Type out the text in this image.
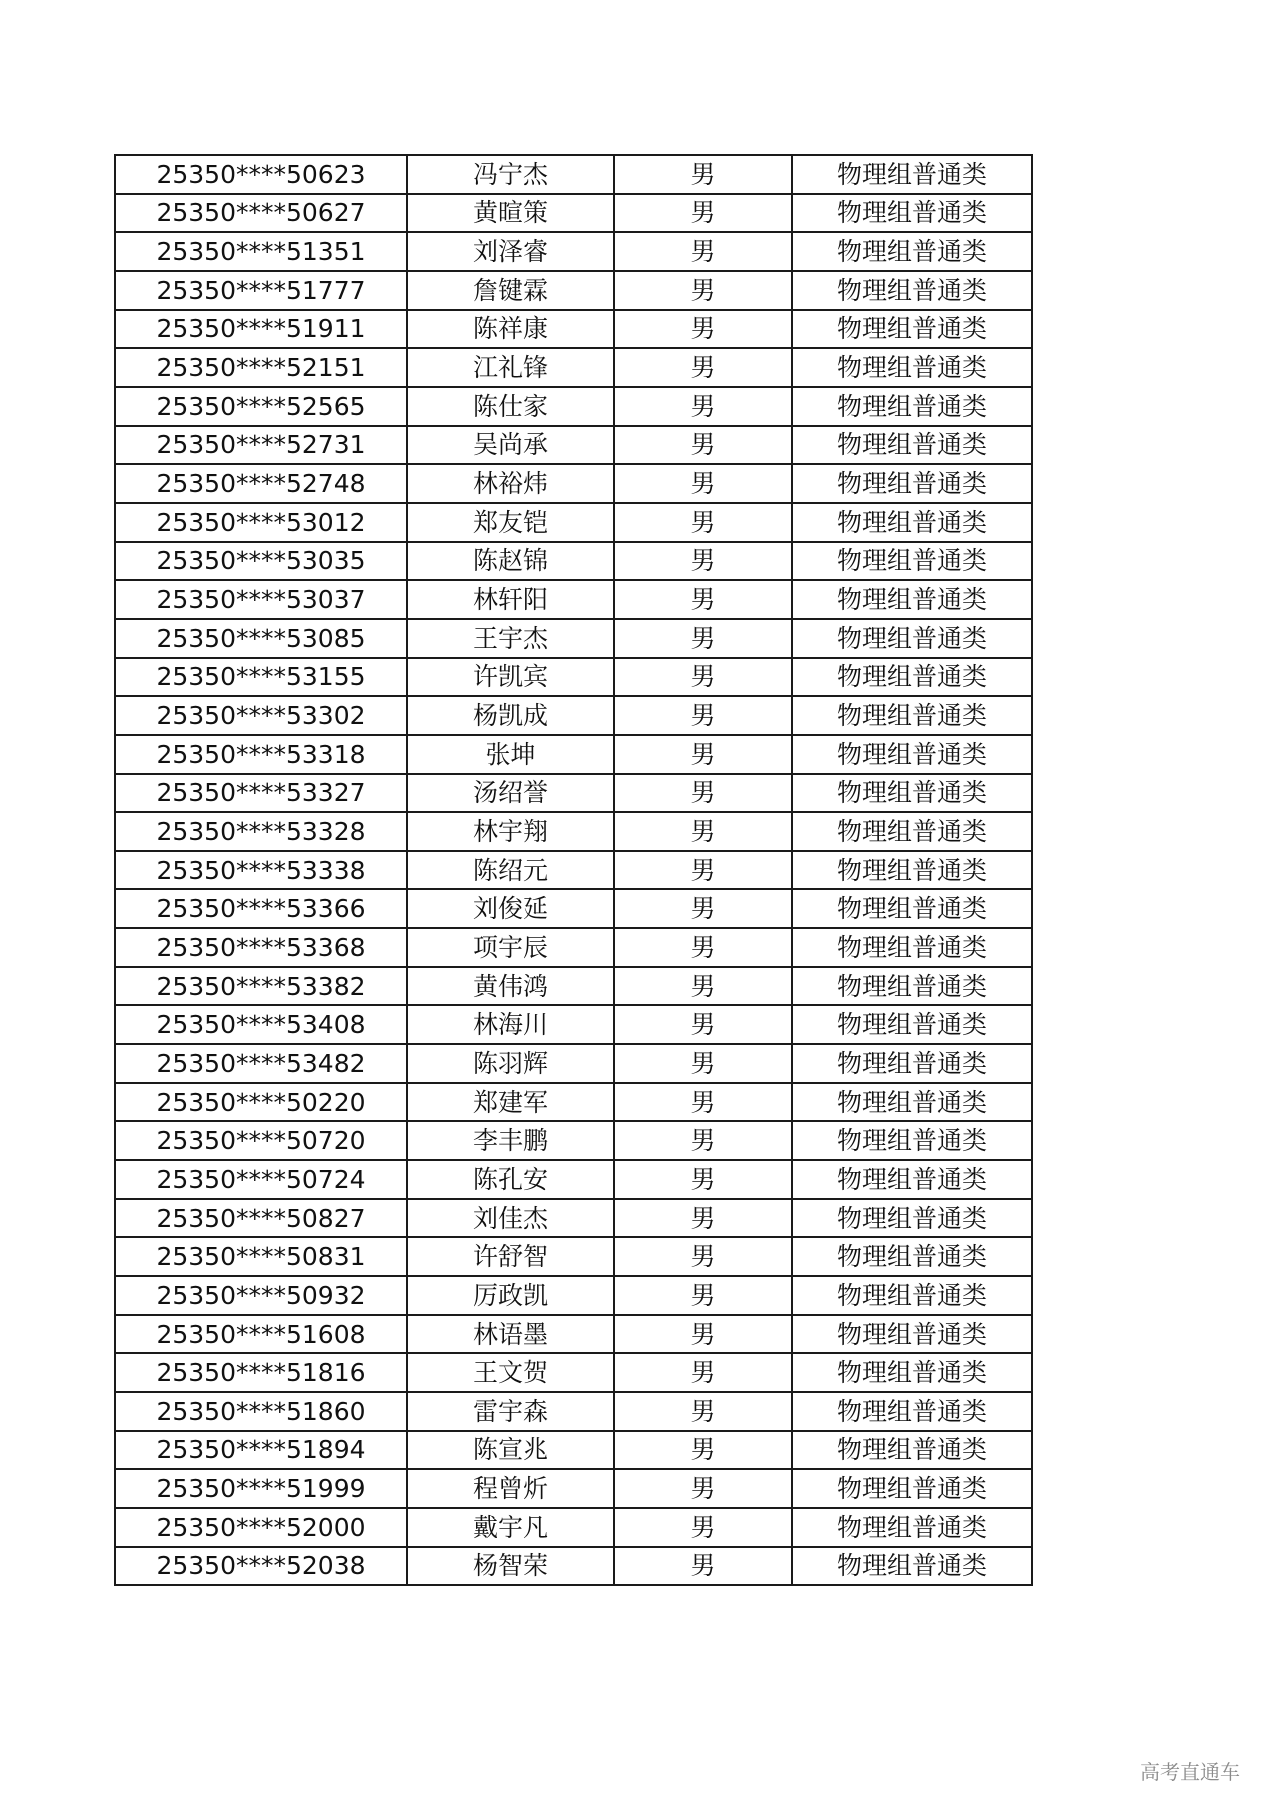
25350****50623	冯宁杰	男	物理组普通类
25350****50627	黄暄策	男	物理组普通类
25350****51351	刘泽睿	男	物理组普通类
25350****51777	詹键霖	男	物理组普通类
25350****51911	陈祥康	男	物理组普通类
25350****52151	江礼锋	男	物理组普通类
25350****52565	陈仕家	男	物理组普通类
25350****52731	吴尚承	男	物理组普通类
25350****52748	林裕炜	男	物理组普通类
25350****53012	郑友铠	男	物理组普通类
25350****53035	陈赵锦	男	物理组普通类
25350****53037	林轩阳	男	物理组普通类
25350****53085	王宇杰	男	物理组普通类
25350****53155	许凯宾	男	物理组普通类
25350****53302	杨凯成	男	物理组普通类
25350****53318	张坤	男	物理组普通类
25350****53327	汤绍誉	男	物理组普通类
25350****53328	林宇翔	男	物理组普通类
25350****53338	陈绍元	男	物理组普通类
25350****53366	刘俊延	男	物理组普通类
25350****53368	项宇辰	男	物理组普通类
25350****53382	黄伟鸿	男	物理组普通类
25350****53408	林海川	男	物理组普通类
25350****53482	陈羽辉	男	物理组普通类
25350****50220	郑建军	男	物理组普通类
25350****50720	李丰鹏	男	物理组普通类
25350****50724	陈孔安	男	物理组普通类
25350****50827	刘佳杰	男	物理组普通类
25350****50831	许舒智	男	物理组普通类
25350****50932	厉政凯	男	物理组普通类
25350****51608	林语墨	男	物理组普通类
25350****51816	王文贺	男	物理组普通类
25350****51860	雷宇森	男	物理组普通类
25350****51894	陈宣兆	男	物理组普通类
25350****51999	程曾炘	男	物理组普通类
25350****52000	戴宇凡	男	物理组普通类
25350****52038	杨智荣	男	物理组普通类
高考直通车
